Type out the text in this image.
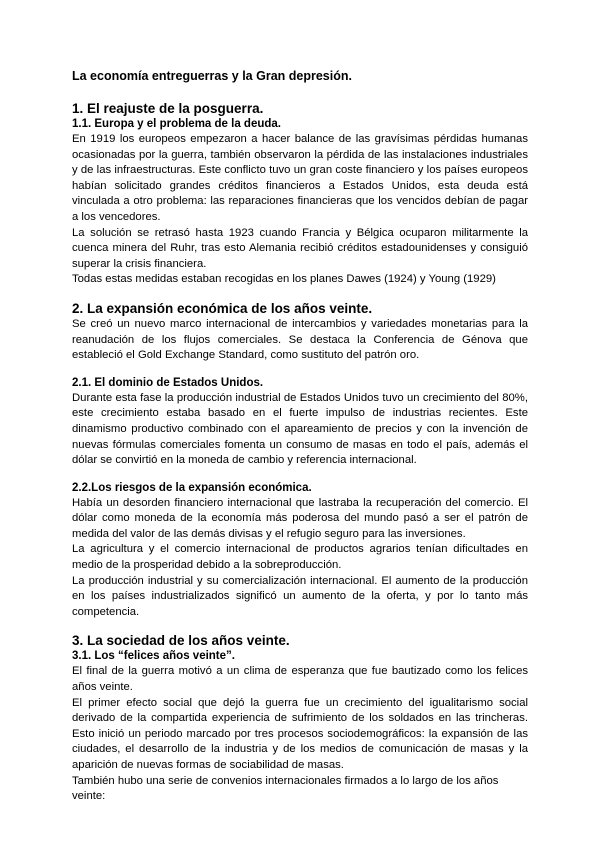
La economía entreguerras y la Gran depresión.
1. El reajuste de la posguerra.
1.1. Europa y el problema de la deuda.

En 1919 los europeos empezaron a hacer balance de las gravísimas pérdidas humanas ocasionadas por la guerra, también observaron la pérdida de las instalaciones industriales y de las infraestructuras. Este conflicto tuvo un gran coste financiero y los países europeos habían solicitado grandes créditos financieros a Estados Unidos, esta deuda está vinculada a otro problema: las reparaciones financieras que los vencidos debían de pagar a los vencedores.

La solución se retrasó hasta 1923 cuando Francia y Bélgica ocuparon militarmente la cuenca minera del Ruhr, tras esto Alemania recibió créditos estadounidenses y consiguió superar la crisis financiera.

Todas estas medidas estaban recogidas en los planes Dawes (1924) y Young (1929)

2. La expansión económica de los años veinte.

Se creó un nuevo marco internacional de intercambios y variedades monetarias para la reanudación de los flujos comerciales. Se destaca la Conferencia de Génova que estableció el Gold Exchange Standard, como sustituto del patrón oro.

2.1. El dominio de Estados Unidos.

Durante esta fase la producción industrial de Estados Unidos tuvo un crecimiento del 80%, este crecimiento estaba basado en el fuerte impulso de industrias recientes. Este dinamismo productivo combinado con el apareamiento de precios y con la invención de nuevas fórmulas comerciales fomenta un consumo de masas en todo el país, además el dólar se convirtió en la moneda de cambio y referencia internacional.

2.2.Los riesgos de la expansión económica.

Había un desorden financiero internacional que lastraba la recuperación del comercio. El dólar como moneda de la economía más poderosa del mundo pasó a ser el patrón de medida del valor de las demás divisas y el refugio seguro para las inversiones.

La agricultura y el comercio internacional de productos agrarios tenían dificultades en medio de la prosperidad debido a la sobreproducción.

La producción industrial y su comercialización internacional. El aumento de la producción en los países industrializados significó un aumento de la oferta, y por lo tanto más competencia.

3. La sociedad de los años veinte.
3.1. Los “felices años veinte”.

El final de la guerra motivó a un clima de esperanza que fue bautizado como los felices años veinte.

El primer efecto social que dejó la guerra fue un crecimiento del igualitarismo social derivado de la compartida experiencia de sufrimiento de los soldados en las trincheras. Esto inició un periodo marcado por tres procesos sociodemográficos: la expansión de las ciudades, el desarrollo de la industria y de los medios de comunicación de masas y la aparición de nuevas formas de sociabilidad de masas.

También hubo una serie de convenios internacionales firmados a lo largo de los años veinte:
